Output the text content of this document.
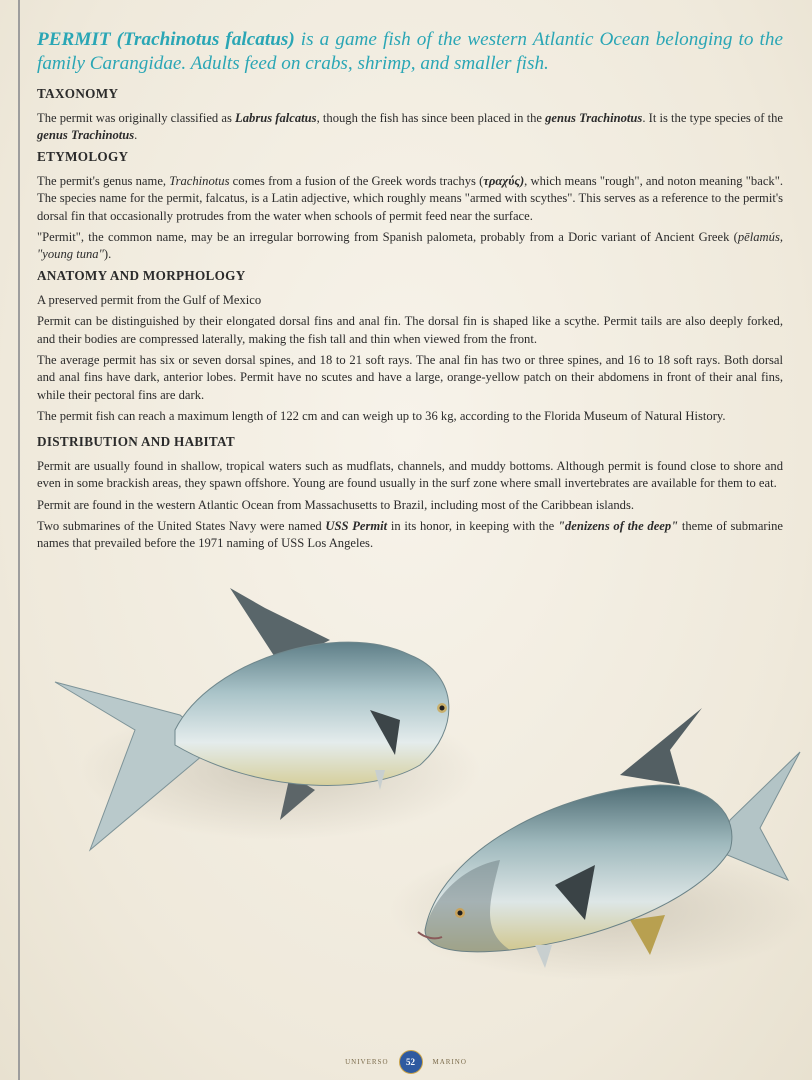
PERMIT (Trachinotus falcatus) is a game fish of the western Atlantic Ocean belonging to the family Carangidae. Adults feed on crabs, shrimp, and smaller fish.

TAXONOMY

The permit was originally classified as Labrus falcatus, though the fish has since been placed in the genus Trachinotus. It is the type species of the genus Trachinotus.

ETYMOLOGY

The permit's genus name, Trachinotus comes from a fusion of the Greek words trachys (τραχύς), which means "rough", and noton meaning "back". The species name for the permit, falcatus, is a Latin adjective, which roughly means "armed with scythes". This serves as a reference to the permit's dorsal fin that occasionally protrudes from the water when schools of permit feed near the surface.

"Permit", the common name, may be an irregular borrowing from Spanish palometa, probably from a Doric variant of Ancient Greek (pēlamús, "young tuna").

ANATOMY AND MORPHOLOGY

A preserved permit from the Gulf of Mexico

Permit can be distinguished by their elongated dorsal fins and anal fin. The dorsal fin is shaped like a scythe. Permit tails are also deeply forked, and their bodies are compressed laterally, making the fish tall and thin when viewed from the front.

The average permit has six or seven dorsal spines, and 18 to 21 soft rays. The anal fin has two or three spines, and 16 to 18 soft rays. Both dorsal and anal fins have dark, anterior lobes. Permit have no scutes and have a large, orange-yellow patch on their abdomens in front of their anal fins, while their pectoral fins are dark.

The permit fish can reach a maximum length of 122 cm and can weigh up to 36 kg, according to the Florida Museum of Natural History.

DISTRIBUTION AND HABITAT

Permit are usually found in shallow, tropical waters such as mudflats, channels, and muddy bottoms. Although permit is found close to shore and even in some brackish areas, they spawn offshore. Young are found usually in the surf zone where small invertebrates are available for them to eat.

Permit are found in the western Atlantic Ocean from Massachusetts to Brazil, including most of the Caribbean islands.

Two submarines of the United States Navy were named USS Permit in its honor, in keeping with the "denizens of the deep" theme of submarine names that prevailed before the 1971 naming of USS Los Angeles.

UNIVERSO	52	MARINO
